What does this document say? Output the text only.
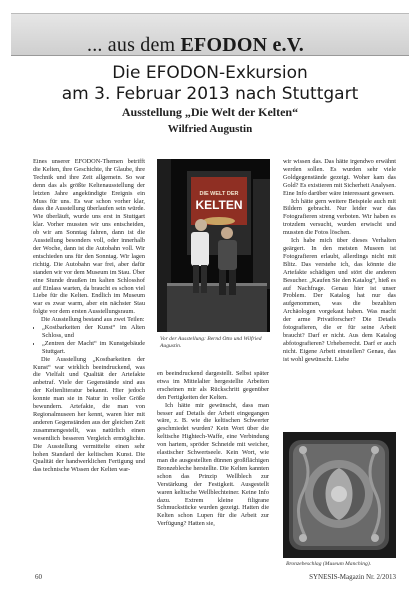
... aus dem EFODON e.V.
Die EFODON-Exkursion
am 3. Februar 2013 nach Stuttgart
Ausstellung „Die Welt der Kelten“
Wilfried Augustin

Eines unserer EFODON-Themen betrifft die Kelten, ihre Geschichte, ihr Glaube, ihre Technik und ihre Zeit allgemein. So war denn das als größte Keltenausstellung der letzten Jahre angekündigte Ereignis ein Muss für uns. Es war schon vorher klar, dass die Ausstellung überlaufen sein würde. Wie überläuft, wurde uns erst in Stuttgart klar. Vorher mussten wir uns entscheiden, ob wir am Sonntag fahren, dann ist die Ausstellung besonders voll, oder innerhalb der Woche, dann ist die Autobahn voll. Wir entschieden uns für den Sonntag. Wir lagen richtig. Die Autobahn war frei, aber dafür standen wir vor dem Museum im Stau. Über eine Stunde draußen im kalten Schlosshof auf Einlass warten, da braucht es schon viel Liebe für die Kelten. Endlich im Museum war es zwar warm, aber ein nächster Stau folgte vor dem ersten Ausstellungsraum.

Die Ausstellung bestand aus zwei Teilen:

• „Kostbarkeiten der Kunst“ im Alten Schloss, und
• „Zentren der Macht“ im Kunstgebäude Stuttgart.

Die Ausstellung „Kostbarkeiten der Kunst“ war wirklich beeindruckend, was die Vielfalt und Qualität der Artefakte anbetraf. Viele der Gegenstände sind aus der Keltenliteratur bekannt. Hier jedoch konnte man sie in Natur in voller Größe bewundern. Artefakte, die man von Regionalmuseen her kennt, waren hier mit anderen Gegenständen aus der gleichen Zeit zusammengestellt, was natürlich einen wesentlich besseren Vergleich ermöglichte. Die Ausstellung vermittelte einen sehr hohen Standard der keltischen Kunst. Die Qualität der handwerklichen Fertigung und das technische Wissen der Kelten war-

DIE WELT DER
KELTEN
Vor der Ausstellung: Bernd Otto und Wilfried Augustin.

en beeindruckend dargestellt. Selbst später etwa im Mittelalter hergestellte Arbeiten erscheinen mir als Rückschritt gegenüber den Fertigkeiten der Kelten.

Ich hätte mir gewünscht, dass man besser auf Details der Arbeit eingegangen wäre, z. B. wie die keltischen Schwerter geschmiedet wurden? Kein Wort über die keltische Hightech-Waffe, eine Verbindung von hartem, spröder Schneide mit weicher, elastischer Schwertseele. Kein Wort, wie man die ausgestellten dünnen großflächigen Bronzebleche herstellte. Die Kelten kannten schon das Prinzip Wellblech zur Verstärkung der Festigkeit. Ausgestellt waren keltische Wellblechteiner. Keine Info dazu. Extrem kleine filigrane Schmuckstücke wurden gezeigt. Hatten die Kelten schon Lupen für die Arbeit zur Verfügung? Hatten sie,

wir wissen das. Das hätte irgendwo erwähnt werden sollen. Es wurden sehr viele Goldgegenstände gezeigt. Woher kam das Gold? Es existieren mit Sicherheit Analysen. Eine Info darüber wäre interessant gewesen.

Ich hätte gern weitere Beispiele auch mit Bildern gebracht. Nur leider war das Fotografieren streng verboten. Wir haben es trotzdem versucht, wurden erwischt und mussten die Fotos löschen.

Ich habe mich über dieses Verhalten geärgert. In den meisten Museen ist Fotografieren erlaubt, allerdings nicht mit Blitz. Das verstehe ich, das könnte die Artefakte schädigen und stört die anderen Besucher. „Kaufen Sie den Katalog“, hieß es auf Nachfrage. Genau hier ist unser Problem. Der Katalog hat nur das aufgenommen, was die bezahlten Archäologen vorgekaut haben. Was macht der arme Privatforscher? Die Details fotografieren, die er für seine Arbeit braucht? Darf er nicht. Aus dem Katalog abfotografieren? Urheberrecht. Darf er auch nicht. Eigene Arbeit einstellen? Genau, das ist wohl gewünscht. Liebe

Bronzebeschlag (Museum Manching).
60	SYNESIS-Magazin Nr. 2/2013
